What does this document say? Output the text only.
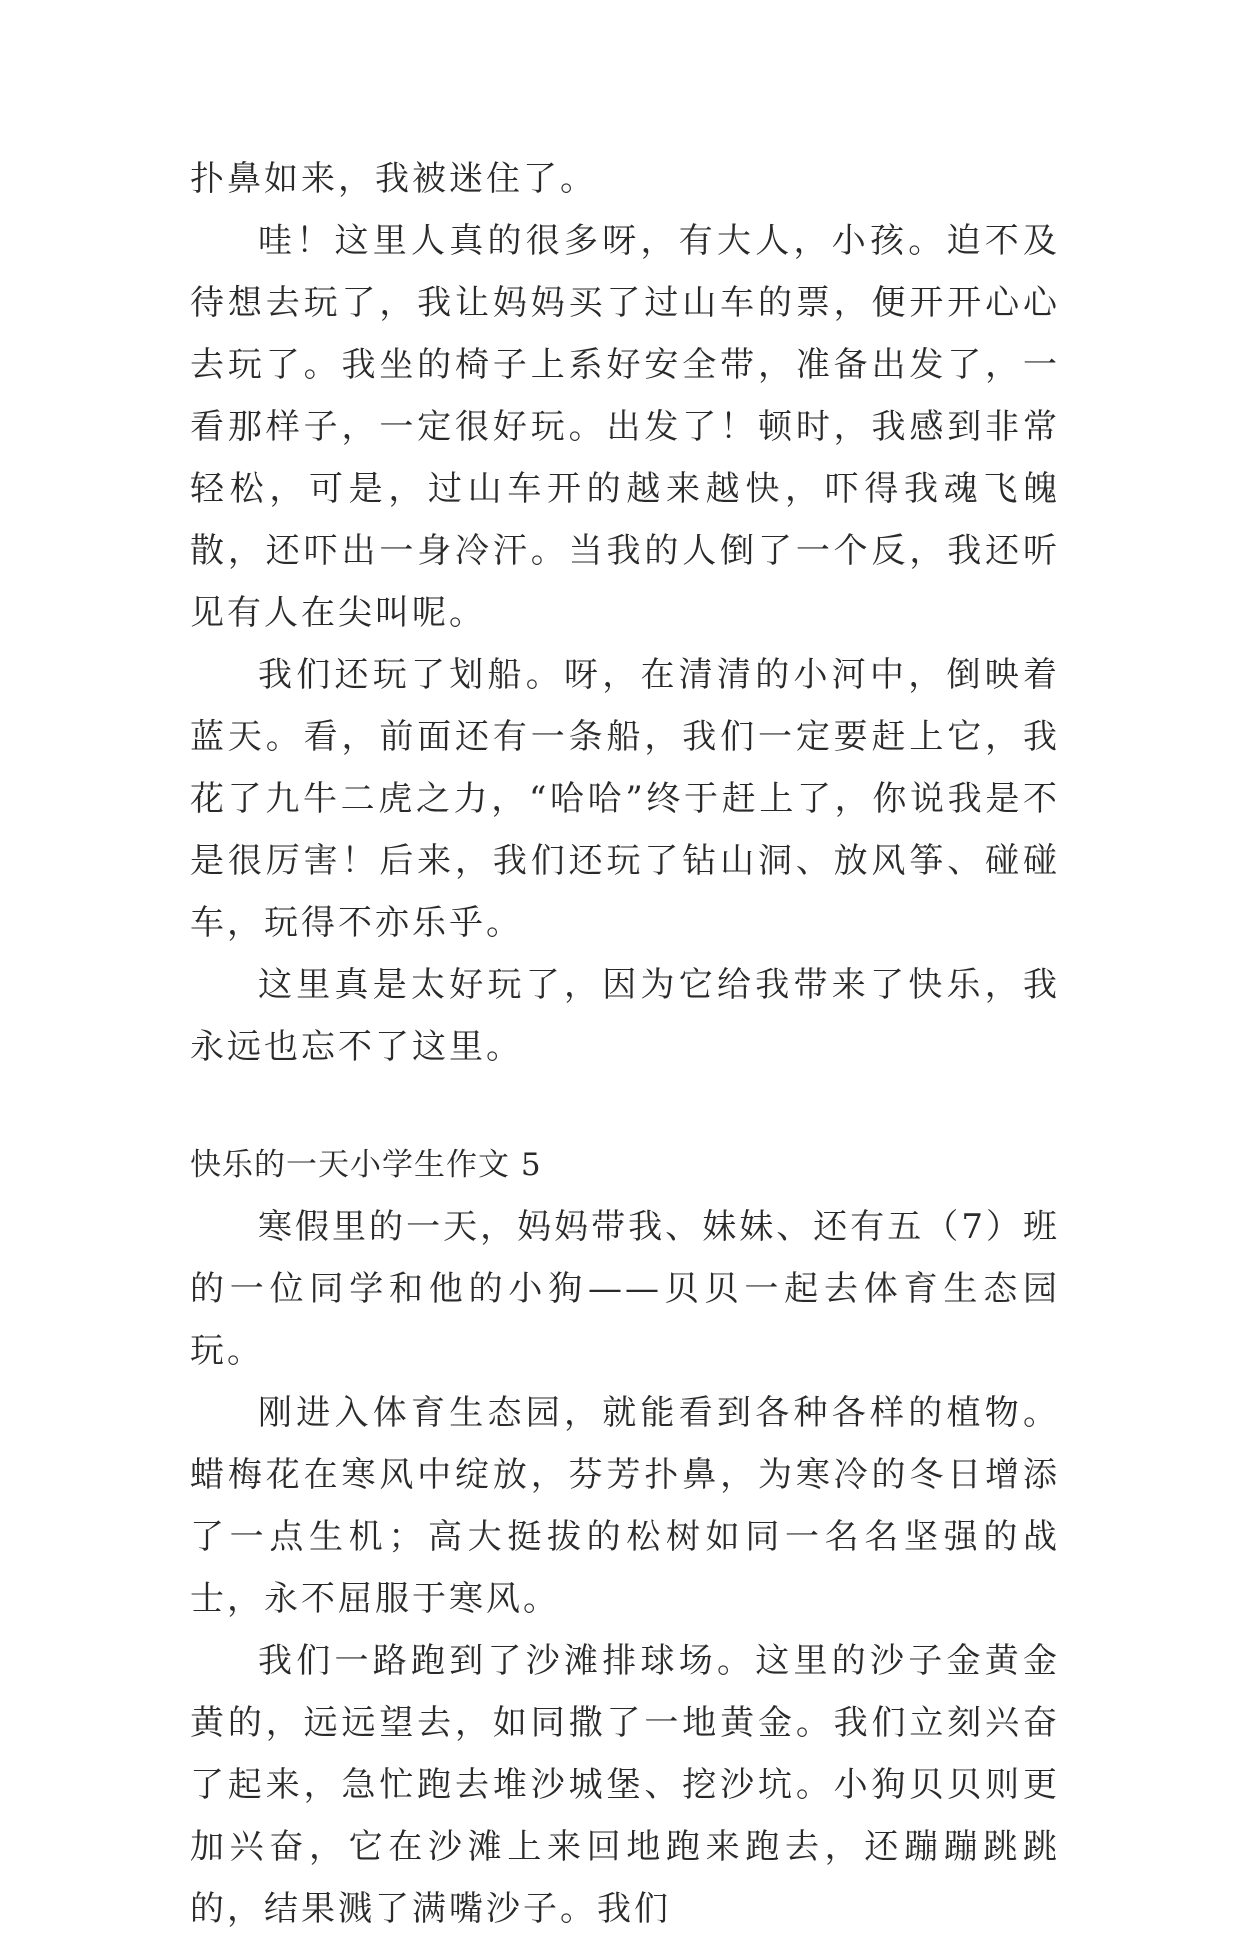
扑鼻如来，我被迷住了。

哇！这里人真的很多呀，有大人，小孩。迫不及待想去玩了，我让妈妈买了过山车的票，便开开心心去玩了。我坐的椅子上系好安全带，准备出发了，一看那样子，一定很好玩。出发了！顿时，我感到非常轻松，可是，过山车开的越来越快，吓得我魂飞魄散，还吓出一身冷汗。当我的人倒了一个反，我还听见有人在尖叫呢。

我们还玩了划船。呀，在清清的小河中，倒映着蓝天。看，前面还有一条船，我们一定要赶上它，我花了九牛二虎之力，“哈哈”终于赶上了，你说我是不是很厉害！后来，我们还玩了钻山洞、放风筝、碰碰车，玩得不亦乐乎。

这里真是太好玩了，因为它给我带来了快乐，我永远也忘不了这里。

快乐的一天小学生作文 5

寒假里的一天，妈妈带我、妹妹、还有五（7）班的一位同学和他的小狗——贝贝一起去体育生态园玩。

刚进入体育生态园，就能看到各种各样的植物。蜡梅花在寒风中绽放，芬芳扑鼻，为寒冷的冬日增添了一点生机；高大挺拔的松树如同一名名坚强的战士，永不屈服于寒风。

我们一路跑到了沙滩排球场。这里的沙子金黄金黄的，远远望去，如同撒了一地黄金。我们立刻兴奋了起来，急忙跑去堆沙城堡、挖沙坑。小狗贝贝则更加兴奋，它在沙滩上来回地跑来跑去，还蹦蹦跳跳的，结果溅了满嘴沙子。我们
